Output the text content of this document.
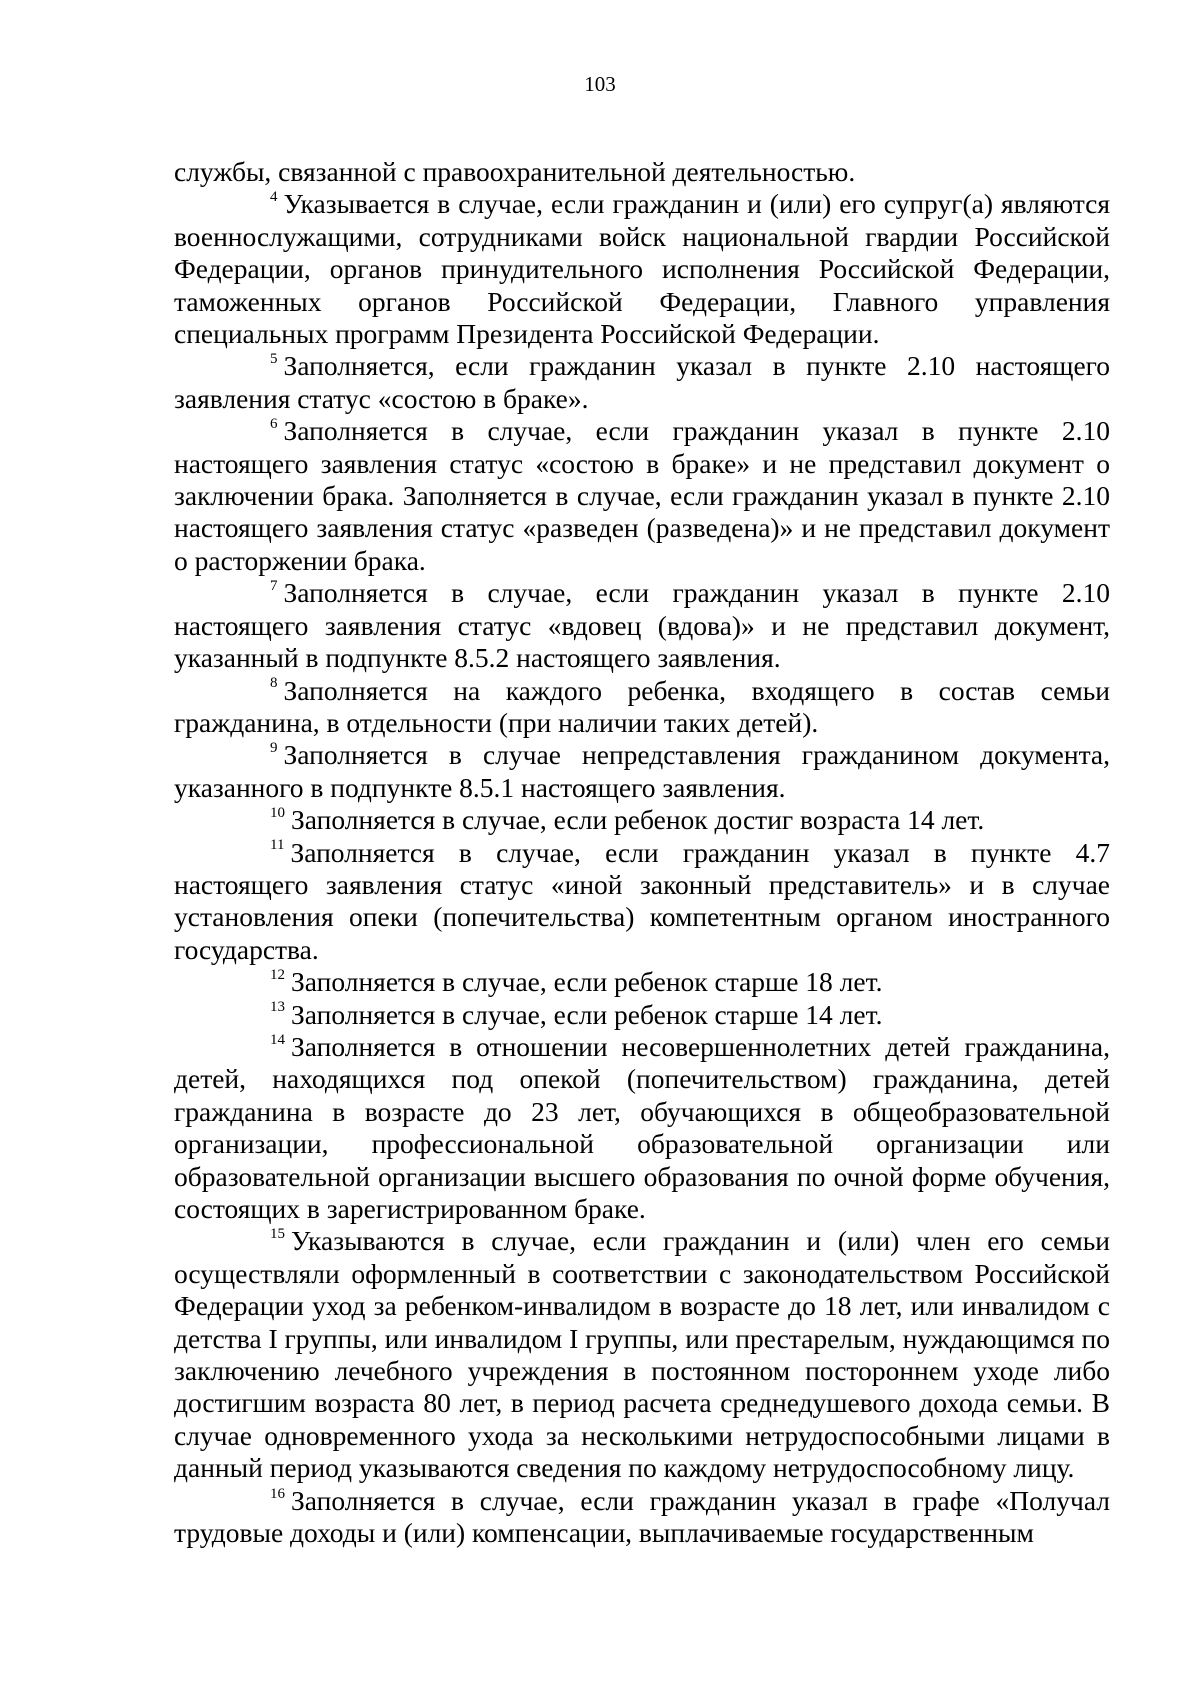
103

службы, связанной с правоохранительной деятельностью.

$^4$ Указывается в случае, если гражданин и (или) его супруг(а) являются военнослужащими, сотрудниками войск национальной гвардии Российской Федерации, органов принудительного исполнения Российской Федерации, таможенных органов Российской Федерации, Главного управления специальных программ Президента Российской Федерации.

$^5$ Заполняется, если гражданин указал в пункте 2.10 настоящего заявления статус «состою в браке».

$^6$ Заполняется в случае, если гражданин указал в пункте 2.10 настоящего заявления статус «состою в браке» и не представил документ о заключении брака. Заполняется в случае, если гражданин указал в пункте 2.10 настоящего заявления статус «разведен (разведена)» и не представил документ о расторжении брака.

$^7$ Заполняется в случае, если гражданин указал в пункте 2.10 настоящего заявления статус «вдовец (вдова)» и не представил документ, указанный в подпункте 8.5.2 настоящего заявления.

$^8$ Заполняется на каждого ребенка, входящего в состав семьи гражданина, в отдельности (при наличии таких детей).

$^9$ Заполняется в случае непредставления гражданином документа, указанного в подпункте 8.5.1 настоящего заявления.

$^{10}$ Заполняется в случае, если ребенок достиг возраста 14 лет.

$^{11}$ Заполняется в случае, если гражданин указал в пункте 4.7 настоящего заявления статус «иной законный представитель» и в случае установления опеки (попечительства) компетентным органом иностранного государства.

$^{12}$ Заполняется в случае, если ребенок старше 18 лет.

$^{13}$ Заполняется в случае, если ребенок старше 14 лет.

$^{14}$ Заполняется в отношении несовершеннолетних детей гражданина, детей, находящихся под опекой (попечительством) гражданина, детей гражданина в возрасте до 23 лет, обучающихся в общеобразовательной организации, профессиональной образовательной организации или образовательной организации высшего образования по очной форме обучения, состоящих в зарегистрированном браке.

$^{15}$ Указываются в случае, если гражданин и (или) член его семьи осуществляли оформленный в соответствии с законодательством Российской Федерации уход за ребенком-инвалидом в возрасте до 18 лет, или инвалидом с детства I группы, или инвалидом I группы, или престарелым, нуждающимся по заключению лечебного учреждения в постоянном постороннем уходе либо достигшим возраста 80 лет, в период расчета среднедушевого дохода семьи. В случае одновременного ухода за несколькими нетрудоспособными лицами в данный период указываются сведения по каждому нетрудоспособному лицу.

$^{16}$ Заполняется в случае, если гражданин указал в графе «Получал трудовые доходы и (или) компенсации, выплачиваемые государственным
